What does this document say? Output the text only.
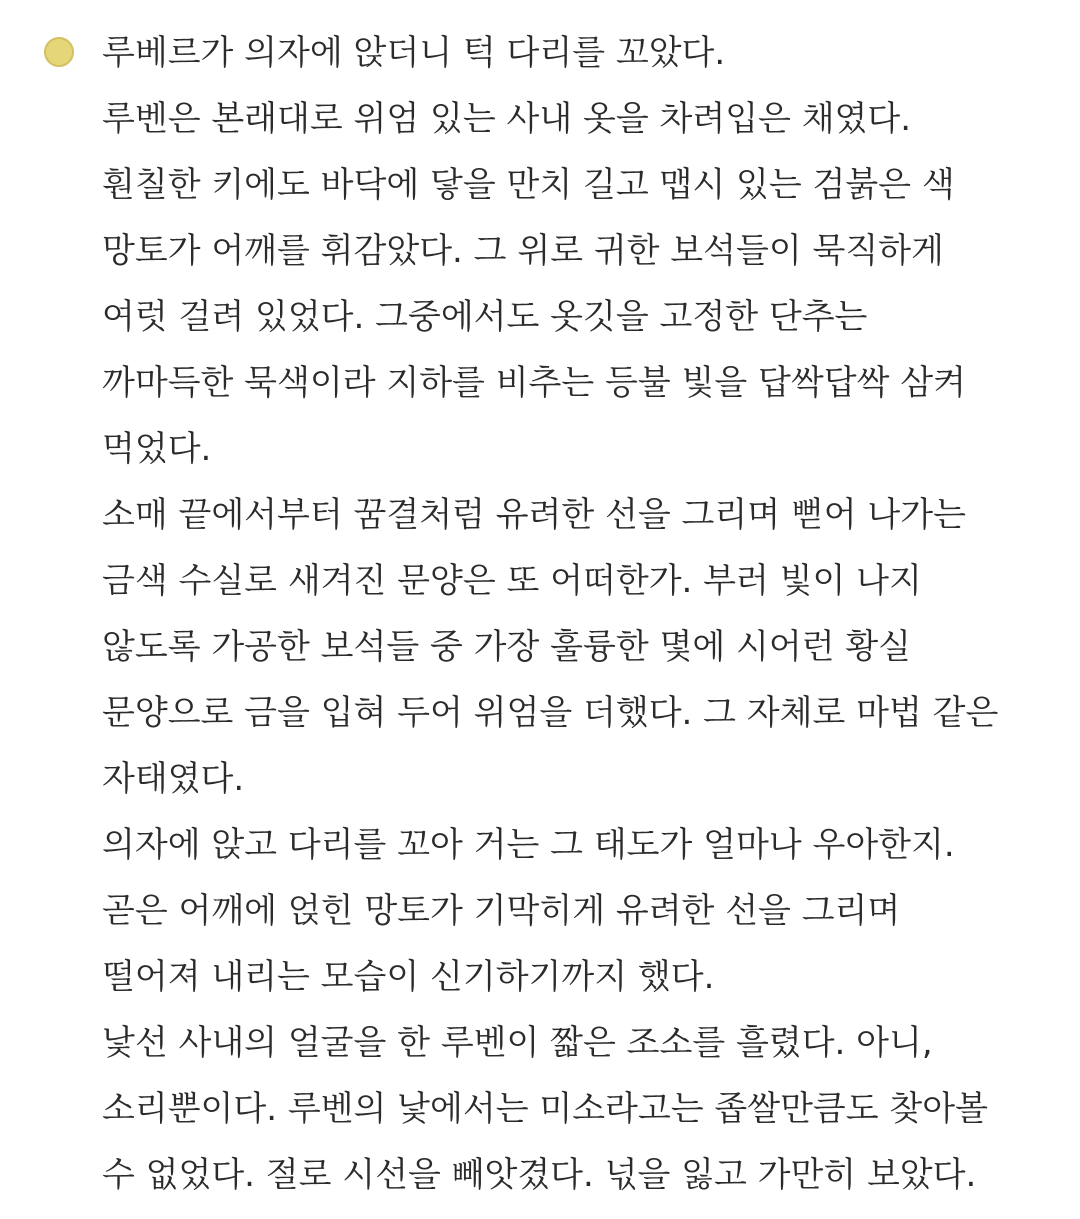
루베르가 의자에 앉더니 턱 다리를 꼬았다.
루벤은 본래대로 위엄 있는 사내 옷을 차려입은 채였다.
훤칠한 키에도 바닥에 닿을 만치 길고 맵시 있는 검붉은 색
망토가 어깨를 휘감았다. 그 위로 귀한 보석들이 묵직하게
여럿 걸려 있었다. 그중에서도 옷깃을 고정한 단추는
까마득한 묵색이라 지하를 비추는 등불 빛을 답싹답싹 삼켜
먹었다.
소매 끝에서부터 꿈결처럼 유려한 선을 그리며 뻗어 나가는
금색 수실로 새겨진 문양은 또 어떠한가. 부러 빛이 나지
않도록 가공한 보석들 중 가장 훌륭한 몇에 시어런 황실
문양으로 금을 입혀 두어 위엄을 더했다. 그 자체로 마법 같은
자태였다.
의자에 앉고 다리를 꼬아 거는 그 태도가 얼마나 우아한지.
곧은 어깨에 얹힌 망토가 기막히게 유려한 선을 그리며
떨어져 내리는 모습이 신기하기까지 했다.
낯선 사내의 얼굴을 한 루벤이 짧은 조소를 흘렸다. 아니,
소리뿐이다. 루벤의 낯에서는 미소라고는 좁쌀만큼도 찾아볼
수 없었다. 절로 시선을 빼앗겼다. 넋을 잃고 가만히 보았다.
